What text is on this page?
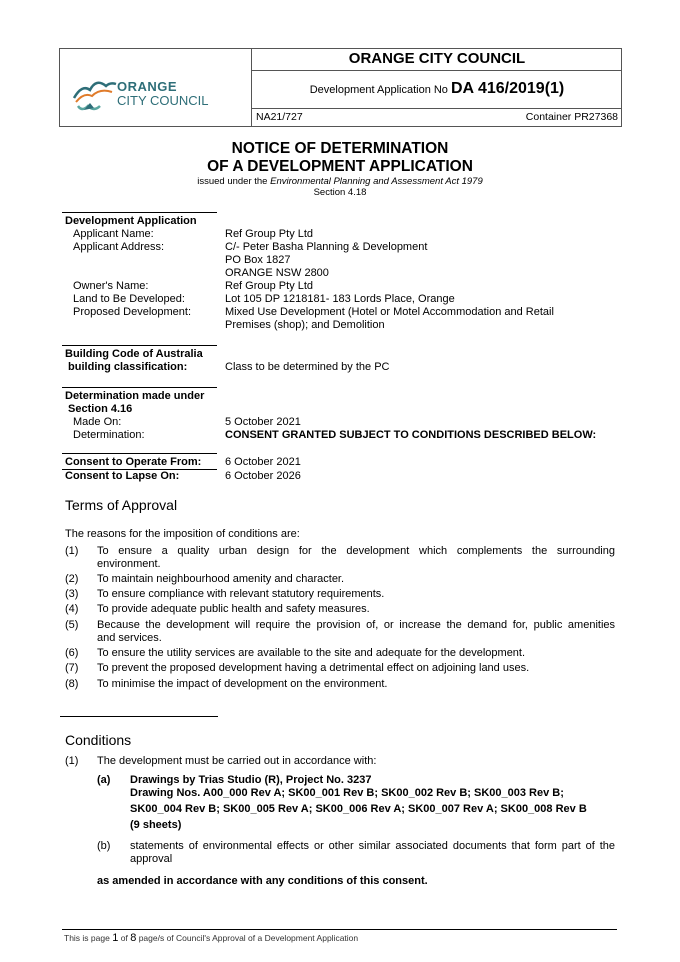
ORANGE
CITY COUNCIL
ORANGE CITY COUNCIL
Development Application No DA 416/2019(1)
NA21/727	Container PR27368
NOTICE OF DETERMINATION
OF A DEVELOPMENT APPLICATION
issued under the Environmental Planning and Assessment Act 1979
Section 4.18
Development Application
Applicant Name:	Ref Group Pty Ltd
Applicant Address:	C/- Peter Basha Planning & Development
PO Box 1827
ORANGE NSW 2800
Owner's Name:	Ref Group Pty Ltd
Land to Be Developed:	Lot 105 DP 1218181- 183 Lords Place, Orange
Proposed Development:	Mixed Use Development (Hotel or Motel Accommodation and Retail
Premises (shop); and Demolition
Building Code of Australia
building classification:	Class to be determined by the PC
Determination made under
Section 4.16
Made On:	5 October 2021
Determination:	CONSENT GRANTED SUBJECT TO CONDITIONS DESCRIBED BELOW:
Consent to Operate From: 6 October 2021
Consent to Lapse On:	6 October 2026
Terms of Approval
The reasons for the imposition of conditions are:
(1) To ensure a quality urban design for the development which complements the surrounding
environment.
(2) To maintain neighbourhood amenity and character.
(3) To ensure compliance with relevant statutory requirements.
(4) To provide adequate public health and safety measures.
(5) Because the development will require the provision of, or increase the demand for, public amenities
and services.
(6) To ensure the utility services are available to the site and adequate for the development.
(7) To prevent the proposed development having a detrimental effect on adjoining land uses.
(8) To minimise the impact of development on the environment.
Conditions
(1) The development must be carried out in accordance with:
(a) Drawings by Trias Studio (R), Project No. 3237
Drawing Nos. A00_000 Rev A; SK00_001 Rev B; SK00_002 Rev B; SK00_003 Rev B;
SK00_004 Rev B; SK00_005 Rev A; SK00_006 Rev A; SK00_007 Rev A; SK00_008 Rev B
(9 sheets)
(b) statements of environmental effects or other similar associated documents that form part of the
approval
as amended in accordance with any conditions of this consent.
This is page 1 of 8 page/s of Council's Approval of a Development Application
